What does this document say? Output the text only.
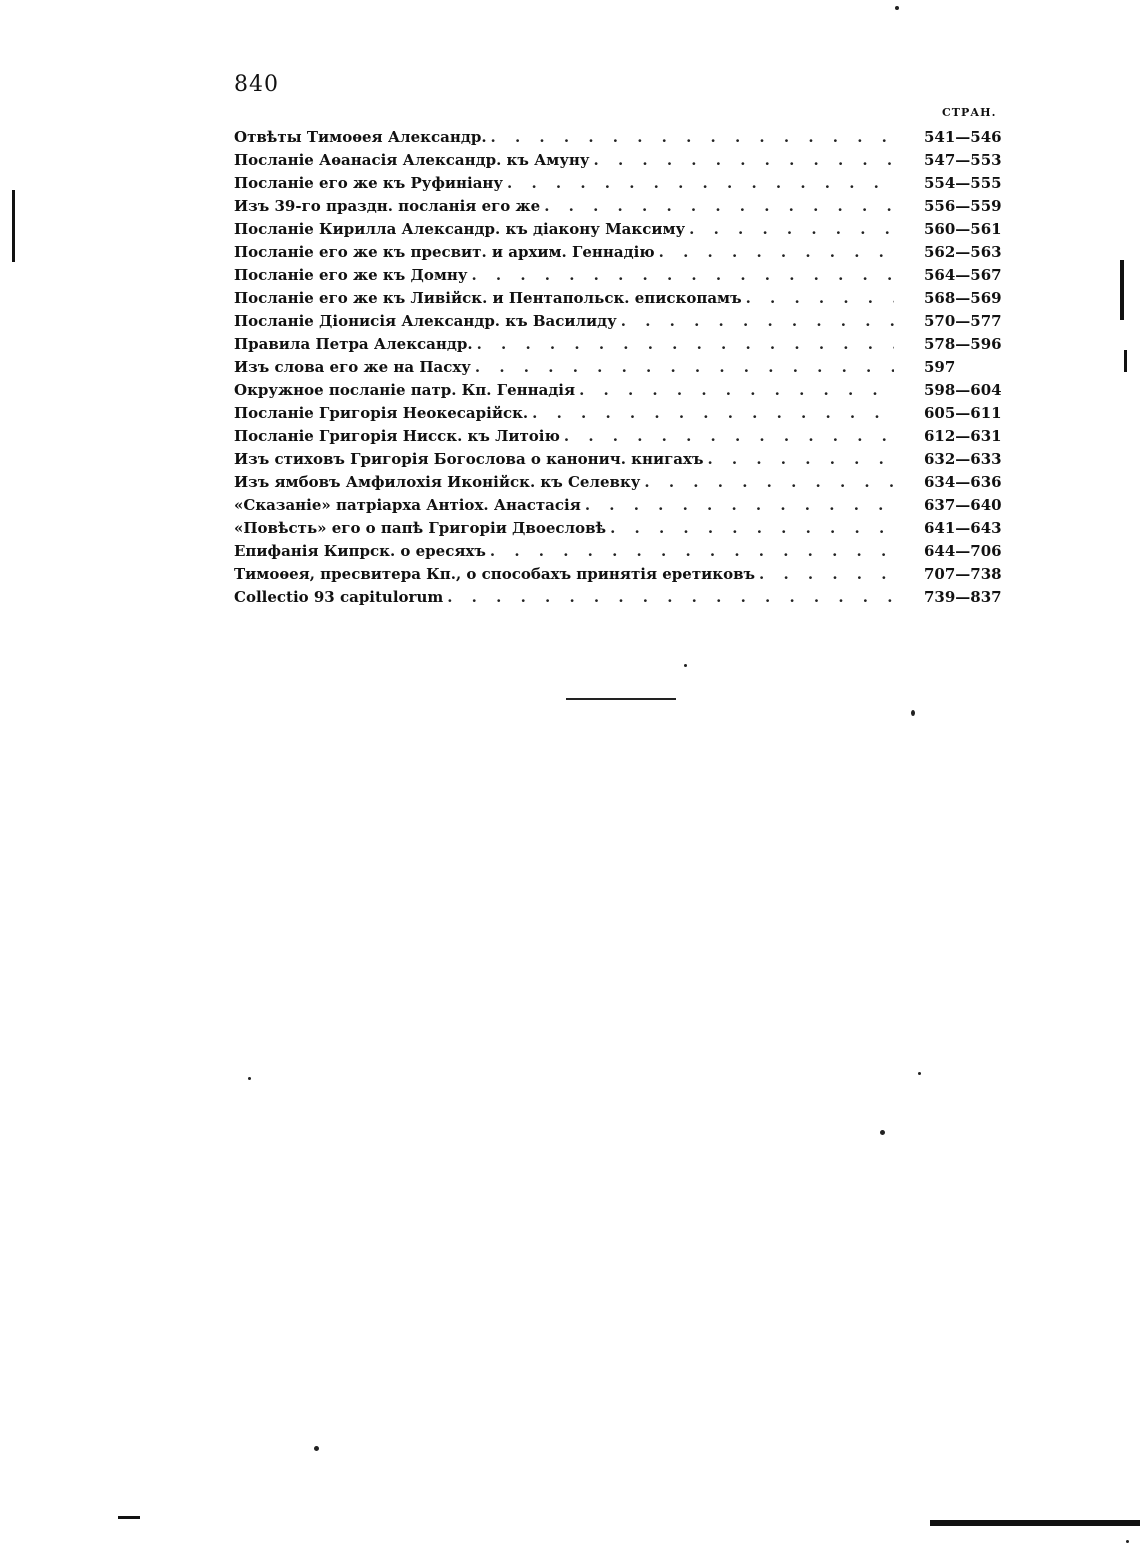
840
СТРАН.
Отвѣты Тимоѳея Александр. . . .	541—546
Посланіе Аѳанасія Александр. къ Амуну . . .	547—553
Посланіе его же къ Руфиніану . . .	554—555
Изъ 39-го праздн. посланія его же . . .	556—559
Посланіе Кирилла Александр. къ діакону Максиму . . .	560—561
Посланіе его же къ пресвит. и архим. Геннадію . . .	562—563
Посланіе его же къ Домну . . .	564—567
Посланіе его же къ Ливійск. и Пентапольск. епископамъ . . .	568—569
Посланіе Діонисія Александр. къ Василиду . . .	570—577
Правила Петра Александр. . . .	578—596
Изъ слова его же на Пасху . . .	597
Окружное посланіе патр. Кп. Геннадія . . .	598—604
Посланіе Григорія Неокесарійск. . . .	605—611
Посланіе Григорія Нисск. къ Литоію . . .	612—631
Изъ стиховъ Григорія Богослова о канонич. книгахъ . . .	632—633
Изъ ямбовъ Амфилохія Иконійск. къ Селевку . . .	634—636
«Сказаніе» патріарха Антіох. Анастасія . . .	637—640
«Повѣсть» его о папѣ Григоріи Двоесловѣ . . .	641—643
Епифанія Кипрск. о ересяхъ . . .	644—706
Тимоѳея, пресвитера Кп., о способахъ принятія еретиковъ . . .	707—738
Collectio 93 capitulorum . . .	739—837
